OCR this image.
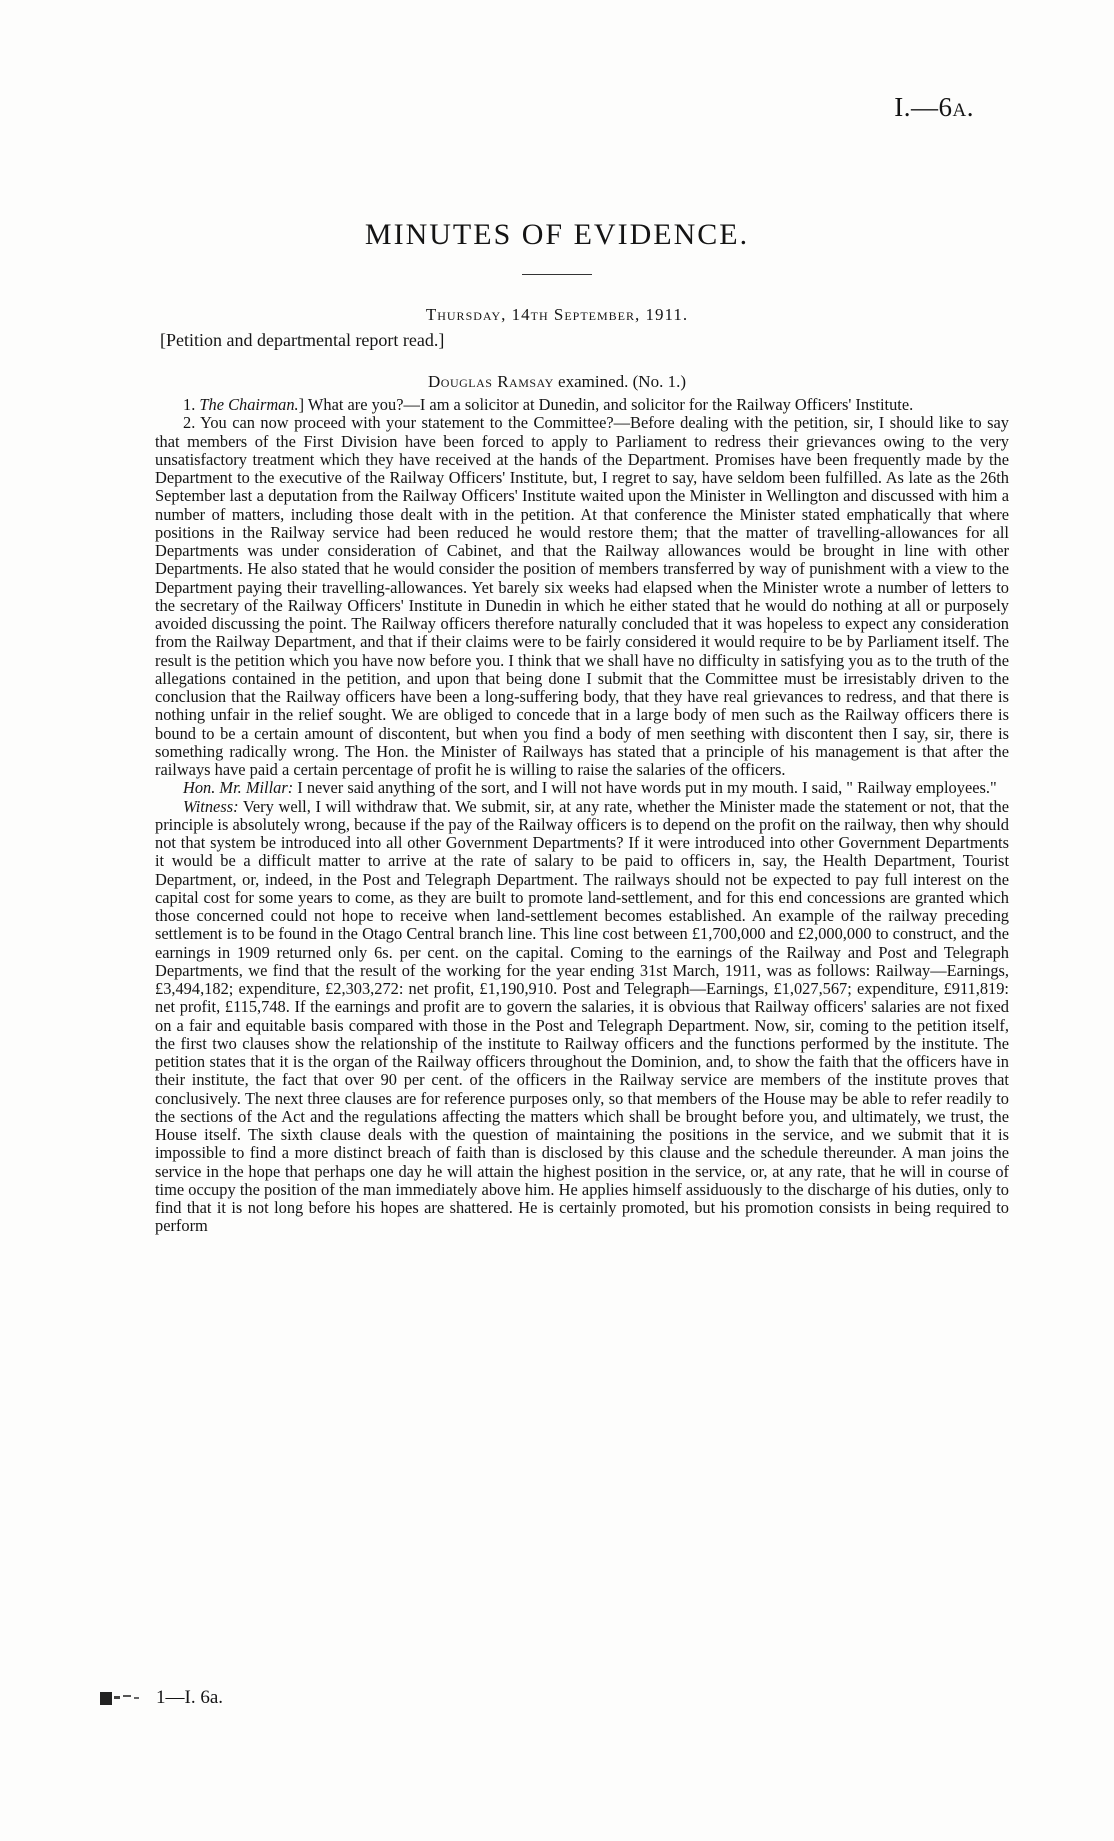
I.—6a.
MINUTES OF EVIDENCE.
Thursday, 14th September, 1911.
[Petition and departmental report read.]
Douglas Ramsay examined. (No. 1.)

1. The Chairman.] What are you?—I am a solicitor at Dunedin, and solicitor for the Railway Officers' Institute.

2. You can now proceed with your statement to the Committee?—Before dealing with the petition, sir, I should like to say that members of the First Division have been forced to apply to Parliament to redress their grievances owing to the very unsatisfactory treatment which they have received at the hands of the Department. Promises have been frequently made by the Department to the executive of the Railway Officers' Institute, but, I regret to say, have seldom been fulfilled. As late as the 26th September last a deputation from the Railway Officers' Institute waited upon the Minister in Wellington and discussed with him a number of matters, including those dealt with in the petition. At that conference the Minister stated emphatically that where positions in the Railway service had been reduced he would restore them; that the matter of travelling-allowances for all Departments was under consideration of Cabinet, and that the Railway allowances would be brought in line with other Departments. He also stated that he would consider the position of members transferred by way of punishment with a view to the Department paying their travelling-allowances. Yet barely six weeks had elapsed when the Minister wrote a number of letters to the secretary of the Railway Officers' Institute in Dunedin in which he either stated that he would do nothing at all or purposely avoided discussing the point. The Railway officers therefore naturally concluded that it was hopeless to expect any consideration from the Railway Department, and that if their claims were to be fairly considered it would require to be by Parliament itself. The result is the petition which you have now before you. I think that we shall have no difficulty in satisfying you as to the truth of the allegations contained in the petition, and upon that being done I submit that the Committee must be irresistably driven to the conclusion that the Railway officers have been a long-suffering body, that they have real grievances to redress, and that there is nothing unfair in the relief sought. We are obliged to concede that in a large body of men such as the Railway officers there is bound to be a certain amount of discontent, but when you find a body of men seething with discontent then I say, sir, there is something radically wrong. The Hon. the Minister of Railways has stated that a principle of his management is that after the railways have paid a certain percentage of profit he is willing to raise the salaries of the officers.

Hon. Mr. Millar: I never said anything of the sort, and I will not have words put in my mouth. I said, " Railway employees."

Witness: Very well, I will withdraw that. We submit, sir, at any rate, whether the Minister made the statement or not, that the principle is absolutely wrong, because if the pay of the Railway officers is to depend on the profit on the railway, then why should not that system be introduced into all other Government Departments? If it were introduced into other Government Departments it would be a difficult matter to arrive at the rate of salary to be paid to officers in, say, the Health Department, Tourist Department, or, indeed, in the Post and Telegraph Department. The railways should not be expected to pay full interest on the capital cost for some years to come, as they are built to promote land-settlement, and for this end concessions are granted which those concerned could not hope to receive when land-settlement becomes established. An example of the railway preceding settlement is to be found in the Otago Central branch line. This line cost between £1,700,000 and £2,000,000 to construct, and the earnings in 1909 returned only 6s. per cent. on the capital. Coming to the earnings of the Railway and Post and Telegraph Departments, we find that the result of the working for the year ending 31st March, 1911, was as follows: Railway—Earnings, £3,494,182; expenditure, £2,303,272: net profit, £1,190,910. Post and Telegraph—Earnings, £1,027,567; expenditure, £911,819: net profit, £115,748. If the earnings and profit are to govern the salaries, it is obvious that Railway officers' salaries are not fixed on a fair and equitable basis compared with those in the Post and Telegraph Department. Now, sir, coming to the petition itself, the first two clauses show the relationship of the institute to Railway officers and the functions performed by the institute. The petition states that it is the organ of the Railway officers throughout the Dominion, and, to show the faith that the officers have in their institute, the fact that over 90 per cent. of the officers in the Railway service are members of the institute proves that conclusively. The next three clauses are for reference purposes only, so that members of the House may be able to refer readily to the sections of the Act and the regulations affecting the matters which shall be brought before you, and ultimately, we trust, the House itself. The sixth clause deals with the question of maintaining the positions in the service, and we submit that it is impossible to find a more distinct breach of faith than is disclosed by this clause and the schedule thereunder. A man joins the service in the hope that perhaps one day he will attain the highest position in the service, or, at any rate, that he will in course of time occupy the position of the man immediately above him. He applies himself assiduously to the discharge of his duties, only to find that it is not long before his hopes are shattered. He is certainly promoted, but his promotion consists in being required to perform

1—I. 6a.
